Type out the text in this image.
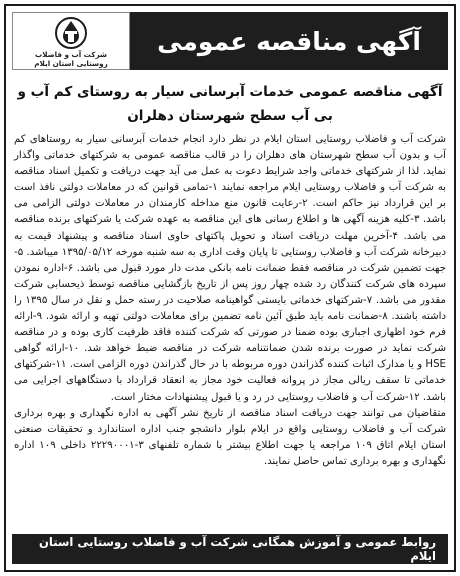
شرکت آب و فاضلاب
روستایی استان ایلام
آگهی مناقصه عمومی
آگهی مناقصه عمومی خدمات آبرسانی سیار به روستای کم آب و
بی آب سطح شهرستان دهلران

شرکت آب و فاضلاب روستایی استان ایلام در نظر دارد انجام خدمات آبرسانی سیار به روستاهای کم آب و بدون آب سطح شهرستان های دهلران را در قالب مناقصه عمومی به شرکتهای خدماتی واگذار نماید. لذا از شرکتهای خدماتی واجد شرایط دعوت به عمل می آید جهت دریافت و تکمیل اسناد مناقصه به شرکت آب و فاضلاب روستایی ایلام مراجعه نمایند ۱-تمامی قوانین که در معاملات دولتی نافذ است بر این قرارداد نیز حاکم است. ۲-رعایت قانون منع مداخله کارمندان در معاملات دولتی الزامی می باشد. ۳-کلیه هزینه آگهی ها و اطلاع رسانی های این مناقصه به عهده شرکت یا شرکتهای برنده مناقصه می باشد. ۴-آخرین مهلت دریافت اسناد و تحویل پاکتهای حاوی اسناد مناقصه و پیشنهاد قیمت به دبیرخانه شرکت آب و فاضلاب روستایی تا پایان وقت اداری به سه شنبه مورخه ۱۳۹۵/۰۵/۱۲ میباشد. ۵-جهت تضمین شرکت در مناقصه فقط ضمانت نامه بانکی مدت دار مورد قبول می باشد. ۶-اداره نمودن سپرده های شرکت کنندگان رد شده چهار روز پس از تاریخ بازگشایی مناقصه توسط ذیحسابی شرکت مقدور می باشد. ۷-شرکتهای خدماتی بایستی گواهینامه صلاحیت در رسته حمل و نقل در سال ۱۳۹۵ را داشته باشند. ۸-ضمانت نامه باید طبق آئین نامه تضمین برای معاملات دولتی تهیه و ارائه شود. ۹-ارائه فرم خود اظهاری اجباری بوده ضمنا در صورتی که شرکت کننده فاقد ظرفیت کاری بوده و در مناقصه شرکت نماید در صورت برنده شدن ضمانتنامه شرکت در مناقصه ضبط خواهد شد. ۱۰-ارائه گواهی HSE و یا مدارک اثبات کننده گذراندن دوره مربوطه با در حال گذراندن دوره الزامی است. ۱۱-شرکتهای خدماتی تا سقف ریالی مجاز در پروانه فعالیت خود مجاز به انعقاد قرارداد با دستگاههای اجرایی می باشد. ۱۲-شرکت آب و فاضلاب روستایی در رد و یا قبول پیشنهادات مختار است.

متقاضیان می توانند جهت دریافت اسناد مناقصه از تاریخ نشر آگهی به اداره نگهداری و بهره برداری شرکت آب و فاضلاب روستایی واقع در ایلام بلوار دانشجو جنب اداره استاندارد و تحقیقات صنعتی استان ایلام اتاق ۱۰۹ مراجعه یا جهت اطلاع بیشتر با شماره تلفنهای ۳-۲۲۲۹۰۰۰۱ داخلی ۱۰۹ اداره نگهداری و بهره برداری تماس حاصل نمایند.

روابط عمومی و آموزش همگانی شرکت آب و فاضلاب روستایی استان ایلام
